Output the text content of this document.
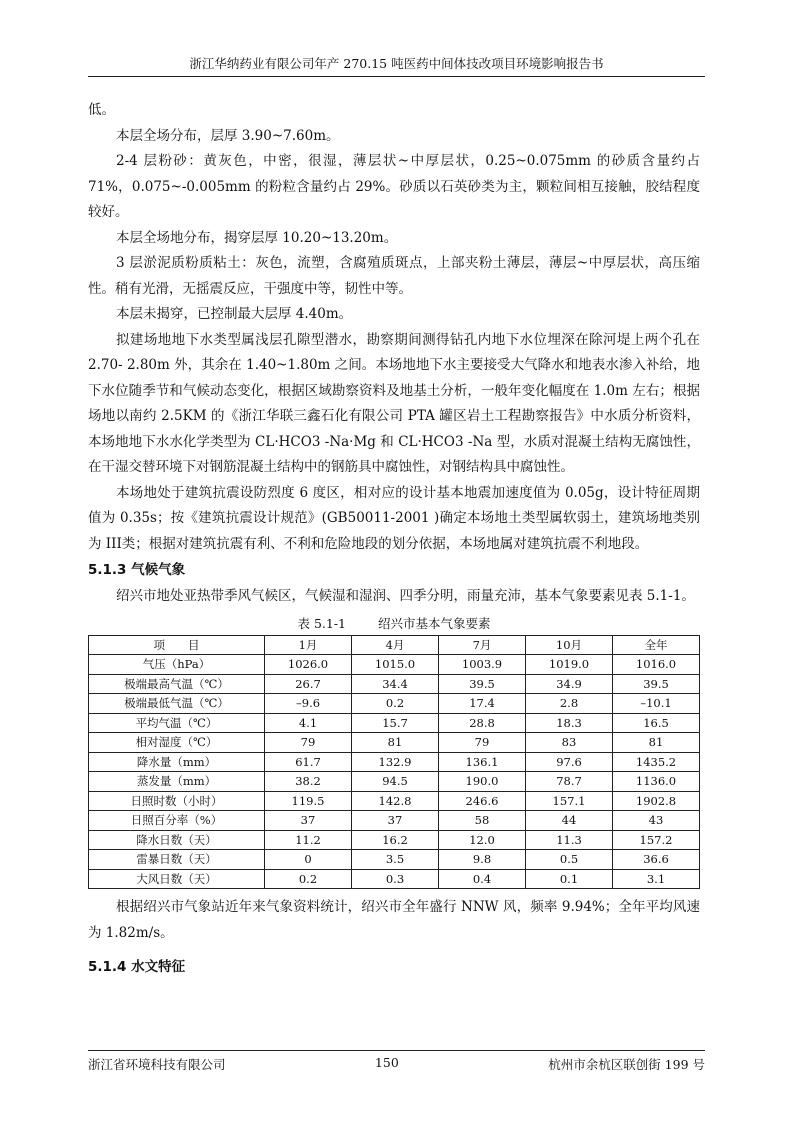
浙江华纳药业有限公司年产 270.15 吨医药中间体技改项目环境影响报告书

低。

本层全场分布，层厚 3.90~7.60m。

2-4 层粉砂：黄灰色，中密，很湿，薄层状~中厚层状，0.25~0.075mm 的砂质含量约占 71%，0.075~-0.005mm 的粉粒含量约占 29%。砂质以石英砂类为主，颗粒间相互接触，胶结程度较好。

本层全场地分布，揭穿层厚 10.20~13.20m。

3 层淤泥质粉质粘土：灰色，流塑，含腐殖质斑点，上部夹粉土薄层，薄层~中厚层状，高压缩性。稍有光滑，无摇震反应，干强度中等，韧性中等。

本层未揭穿，已控制最大层厚 4.40m。

拟建场地地下水类型属浅层孔隙型潜水，勘察期间测得钻孔内地下水位埋深在除河堤上两个孔在 2.70- 2.80m 外，其余在 1.40~1.80m 之间。本场地地下水主要接受大气降水和地表水渗入补给，地下水位随季节和气候动态变化，根据区域勘察资料及地基土分析，一般年变化幅度在 1.0m 左右；根据场地以南约 2.5KM 的《浙江华联三鑫石化有限公司 PTA 罐区岩土工程勘察报告》中水质分析资料，本场地地下水水化学类型为 CL·HCO3 -Na·Mg 和 CL·HCO3 -Na 型，水质对混凝土结构无腐蚀性，在干湿交替环境下对钢筋混凝土结构中的钢筋具中腐蚀性，对钢结构具中腐蚀性。

本场地处于建筑抗震设防烈度 6 度区，相对应的设计基本地震加速度值为 0.05g，设计特征周期值为 0.35s；按《建筑抗震设计规范》(GB50011-2001 )确定本场地土类型属软弱土，建筑场地类别为 III类；根据对建筑抗震有利、不利和危险地段的划分依据，本场地属对建筑抗震不利地段。

5.1.3 气候气象

绍兴市地处亚热带季风气候区，气候湿和湿润、四季分明，雨量充沛，基本气象要素见表 5.1-1。

表 5.1-1	绍兴市基本气象要素
项　　目	1月	4月	7月	10月	全年
气压（hPa）	1026.0	1015.0	1003.9	1019.0	1016.0
极端最高气温（℃）	26.7	34.4	39.5	34.9	39.5
极端最低气温（℃）	–9.6	0.2	17.4	2.8	–10.1
平均气温（℃）	4.1	15.7	28.8	18.3	16.5
相对湿度（℃）	79	81	79	83	81
降水量（mm）	61.7	132.9	136.1	97.6	1435.2
蒸发量（mm）	38.2	94.5	190.0	78.7	1136.0
日照时数（小时）	119.5	142.8	246.6	157.1	1902.8
日照百分率（%）	37	37	58	44	43
降水日数（天）	11.2	16.2	12.0	11.3	157.2
雷暴日数（天）	0	3.5	9.8	0.5	36.6
大风日数（天）	0.2	0.3	0.4	0.1	3.1

根据绍兴市气象站近年来气象资料统计，绍兴市全年盛行 NNW 风，频率 9.94%；全年平均风速为 1.82m/s。

5.1.4 水文特征
浙江省环境科技有限公司	150	杭州市余杭区联创街 199 号
